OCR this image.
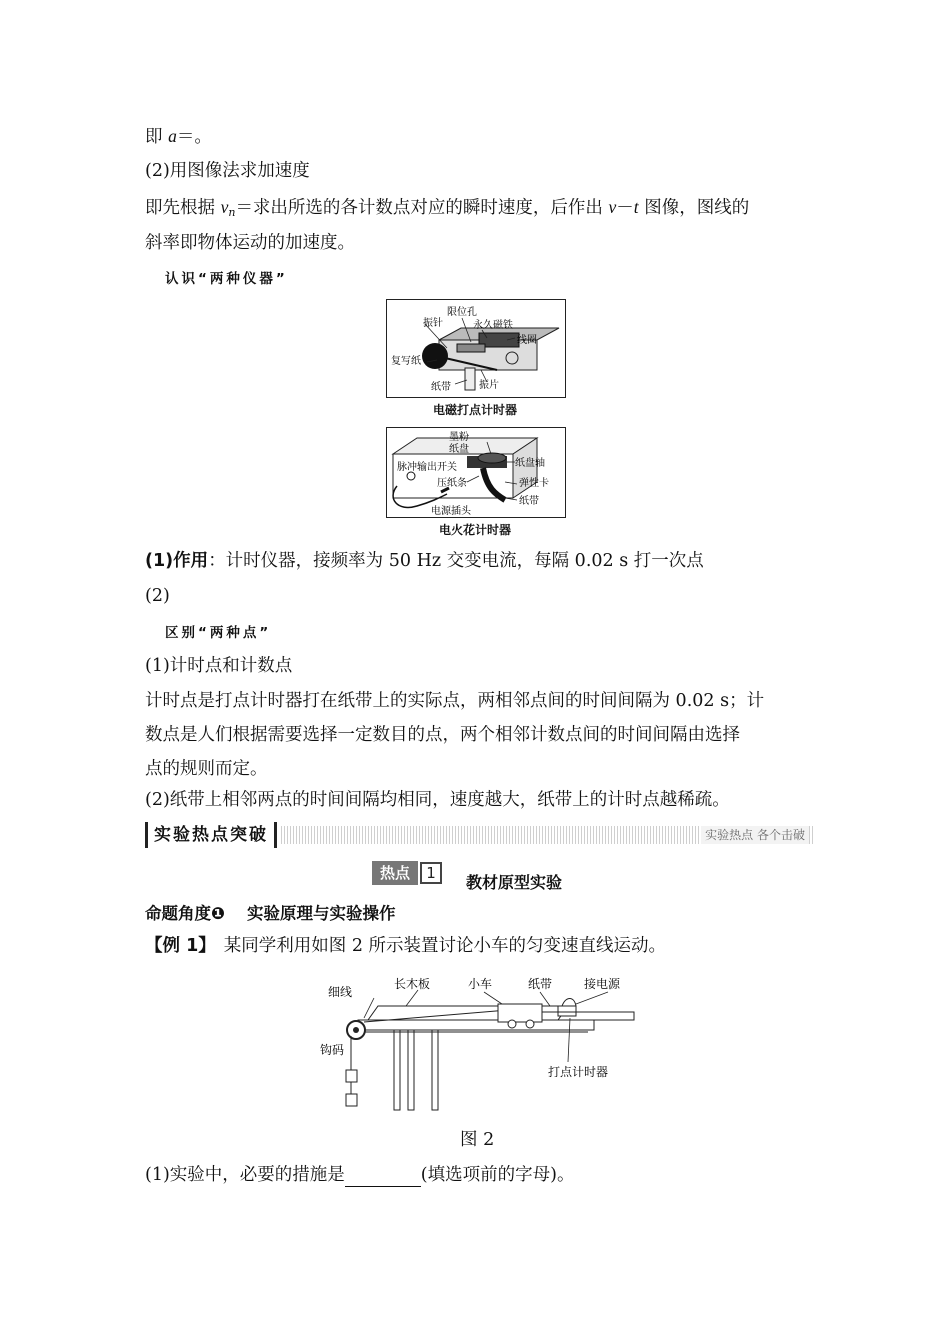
即 a＝。
(2)用图像法求加速度
即先根据 $v_n=$求出所选的各计数点对应的瞬时速度，后作出 v－t 图像，图线的
斜率即物体运动的加速度。
认识“两种仪器”
振针
限位孔
永久磁铁
线圈
复写纸
纸带	振片
电磁打点计时器
墨粉
纸盘
脉冲输出开关	纸盘轴
压纸条	弹性卡
纸带
电源插头
电火花计时器
(1)作用：计时仪器，接频率为 50 Hz 交变电流，每隔 0.02 s 打一次点
(2)
区别“两种点”
(1)计时点和计数点
计时点是打点计时器打在纸带上的实际点，两相邻点间的时间间隔为 0.02 s；计
数点是人们根据需要选择一定数目的点，两个相邻计数点间的时间间隔由选择
点的规则而定。
(2)纸带上相邻两点的时间间隔均相同，速度越大，纸带上的计时点越稀疏。
实验热点突破	实验热点 各个击破
热点	1	教材原型实验
命题角度❶ 实验原理与实验操作
【例 1】 某同学利用如图 2 所示装置讨论小车的匀变速直线运动。
细线
长木板	小车	纸带	接电源
钩码
打点计时器
图 2
(1)实验中，必要的措施是	(填选项前的字母)。
